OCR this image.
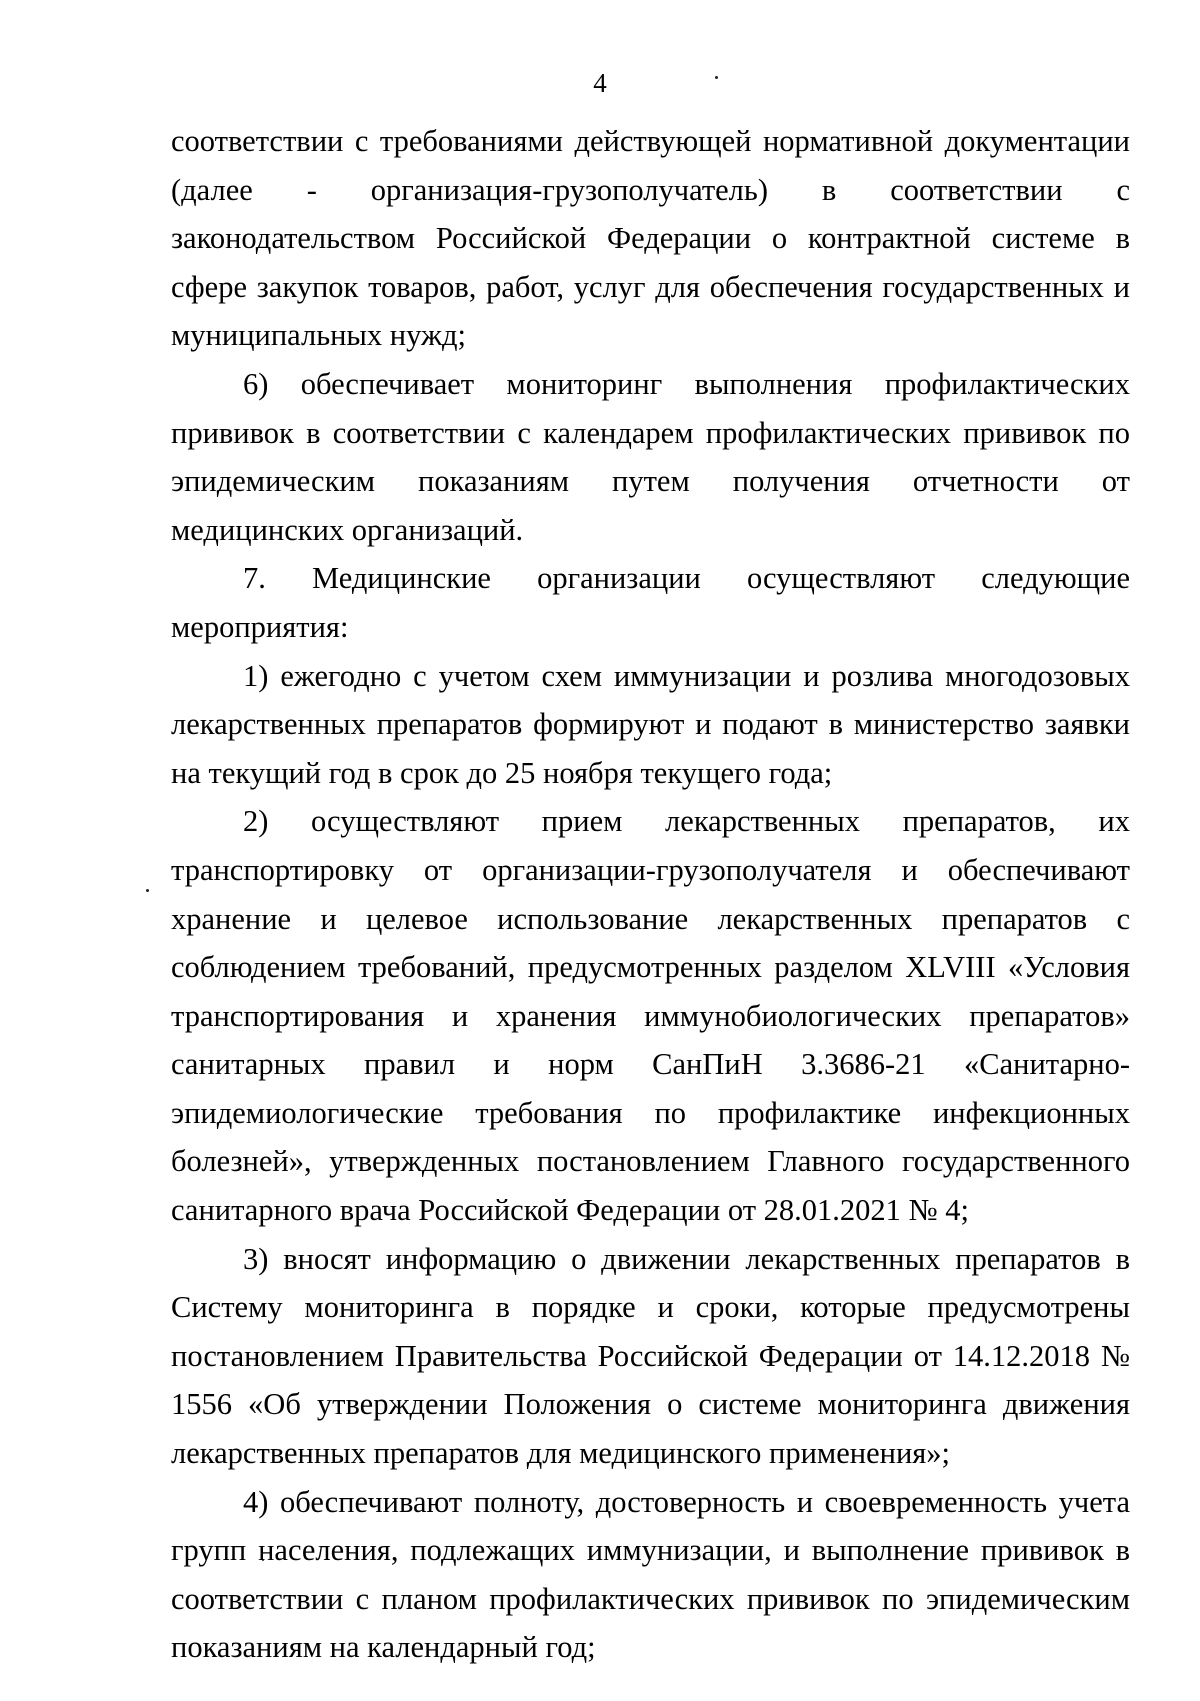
4

соответствии с требованиями действующей нормативной документации (далее - организация-грузополучатель) в соответствии с законодательством Российской Федерации о контрактной системе в сфере закупок товаров, работ, услуг для обеспечения государственных и муниципальных нужд;

6) обеспечивает мониторинг выполнения профилактических прививок в соответствии с календарем профилактических прививок по эпидемическим показаниям путем получения отчетности от медицинских организаций.

7. Медицинские организации осуществляют следующие мероприятия:

1) ежегодно с учетом схем иммунизации и розлива многодозовых лекарственных препаратов формируют и подают в министерство заявки на текущий год в срок до 25 ноября текущего года;

2) осуществляют прием лекарственных препаратов, их транспортировку от организации-грузополучателя и обеспечивают хранение и целевое использование лекарственных препаратов с соблюдением требований, предусмотренных разделом XLVIII «Условия транспортирования и хранения иммунобиологических препаратов» санитарных правил и норм СанПиН 3.3686-21 «Санитарно-эпидемиологические требования по профилактике инфекционных болезней», утвержденных постановлением Главного государственного санитарного врача Российской Федерации от 28.01.2021 № 4;

3) вносят информацию о движении лекарственных препаратов в Систему мониторинга в порядке и сроки, которые предусмотрены постановлением Правительства Российской Федерации от 14.12.2018 № 1556 «Об утверждении Положения о системе мониторинга движения лекарственных препаратов для медицинского применения»;

4) обеспечивают полноту, достоверность и своевременность учета групп населения, подлежащих иммунизации, и выполнение прививок в соответствии с планом профилактических прививок по эпидемическим показаниям на календарный год;
